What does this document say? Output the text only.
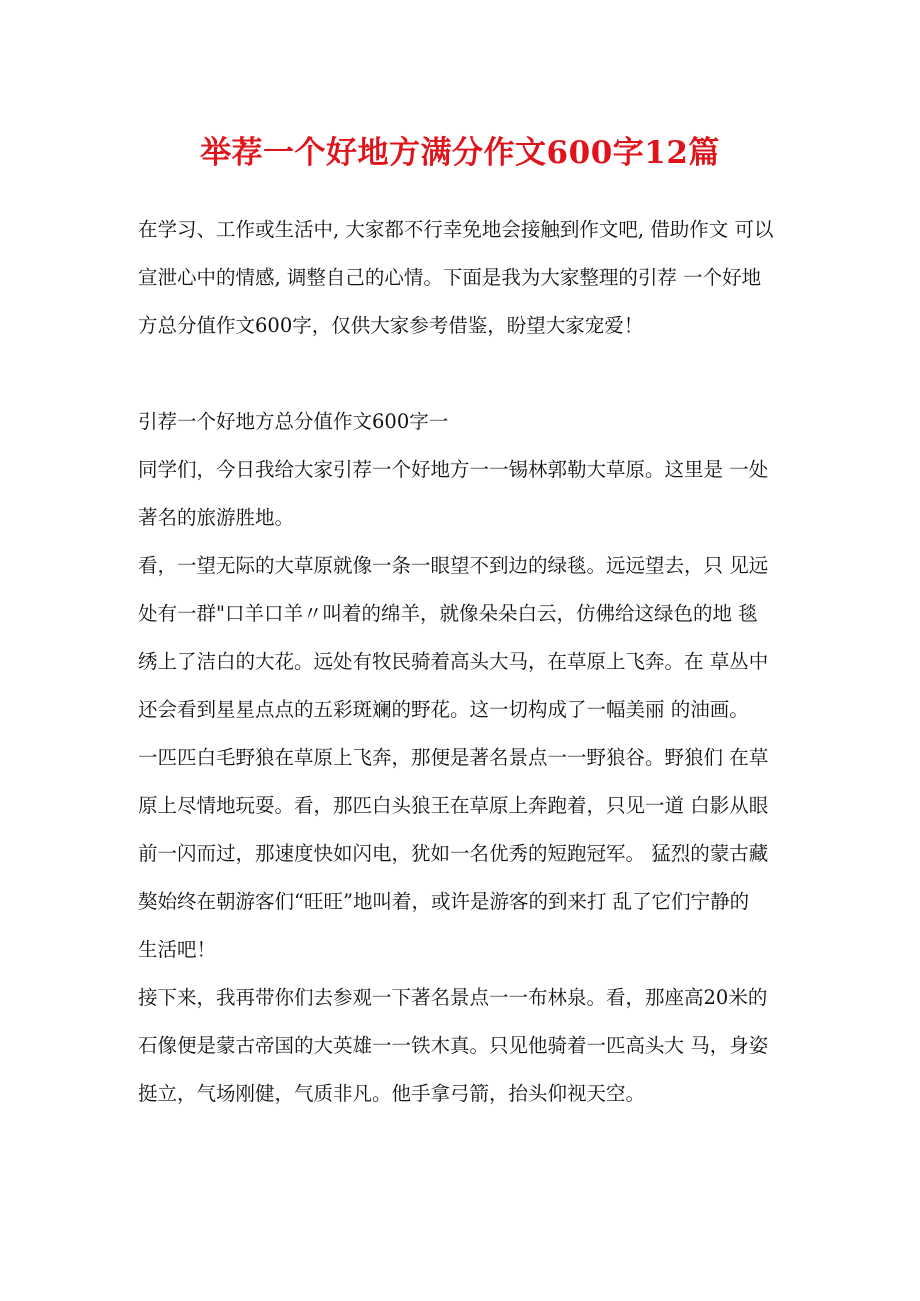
举荐一个好地方满分作文600字12篇
在学习、工作或生活中, 大家都不行幸免地会接触到作文吧, 借助作文 可以
宣泄心中的情感, 调整自己的心情。下面是我为大家整理的引荐 一个好地
方总分值作文600字，仅供大家参考借鉴，盼望大家宠爱！
引荐一个好地方总分值作文600字一
同学们，今日我给大家引荐一个好地方一一锡林郭勒大草原。这里是 一处
著名的旅游胜地。
看，一望无际的大草原就像一条一眼望不到边的绿毯。远远望去，只 见远
处有一群"口羊口羊〃叫着的绵羊，就像朵朵白云，仿佛给这绿色的地 毯
绣上了洁白的大花。远处有牧民骑着高头大马，在草原上飞奔。在 草丛中
还会看到星星点点的五彩斑斓的野花。这一切构成了一幅美丽 的油画。
一匹匹白毛野狼在草原上飞奔，那便是著名景点一一野狼谷。野狼们 在草
原上尽情地玩耍。看，那匹白头狼王在草原上奔跑着，只见一道 白影从眼
前一闪而过，那速度快如闪电，犹如一名优秀的短跑冠军。 猛烈的蒙古藏
獒始终在朝游客们“旺旺”地叫着，或许是游客的到来打 乱了它们宁静的
生活吧！
接下来，我再带你们去参观一下著名景点一一布林泉。看，那座高20米的
石像便是蒙古帝国的大英雄一一铁木真。只见他骑着一匹高头大 马，身姿
挺立，气场刚健，气质非凡。他手拿弓箭，抬头仰视天空。
